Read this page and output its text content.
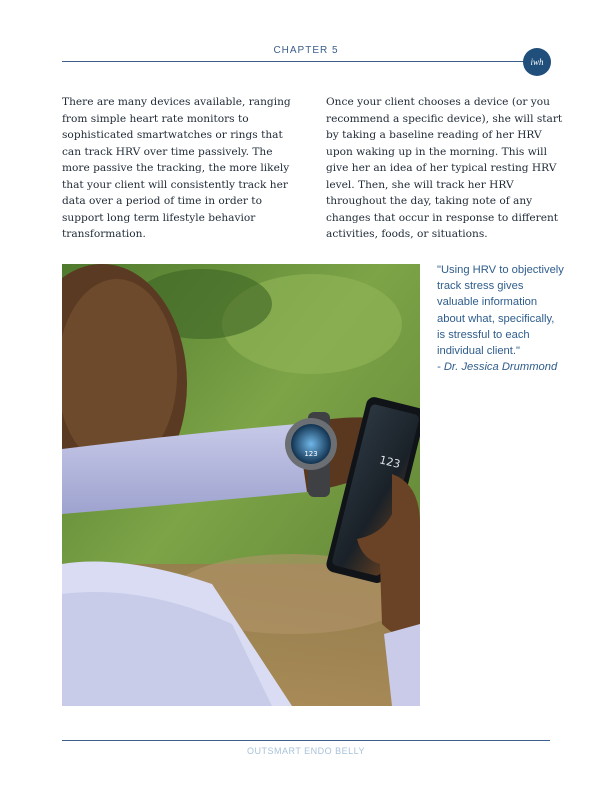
CHAPTER 5
iwh

There are many devices available, ranging from simple heart rate monitors to sophisticated smartwatches or rings that can track HRV over time passively. The more passive the tracking, the more likely that your client will consistently track her data over a period of time in order to support long term lifestyle behavior transformation.

Once your client chooses a device (or you recommend a specific device), she will start by taking a baseline reading of her HRV upon waking up in the morning. This will give her an idea of her typical resting HRV level. Then, she will track her HRV throughout the day, taking note of any changes that occur in response to different activities, foods, or situations.

123	123
"Using HRV to objectively track stress gives valuable information about what, specifically, is stressful to each individual client."
- Dr. Jessica Drummond
OUTSMART ENDO BELLY
